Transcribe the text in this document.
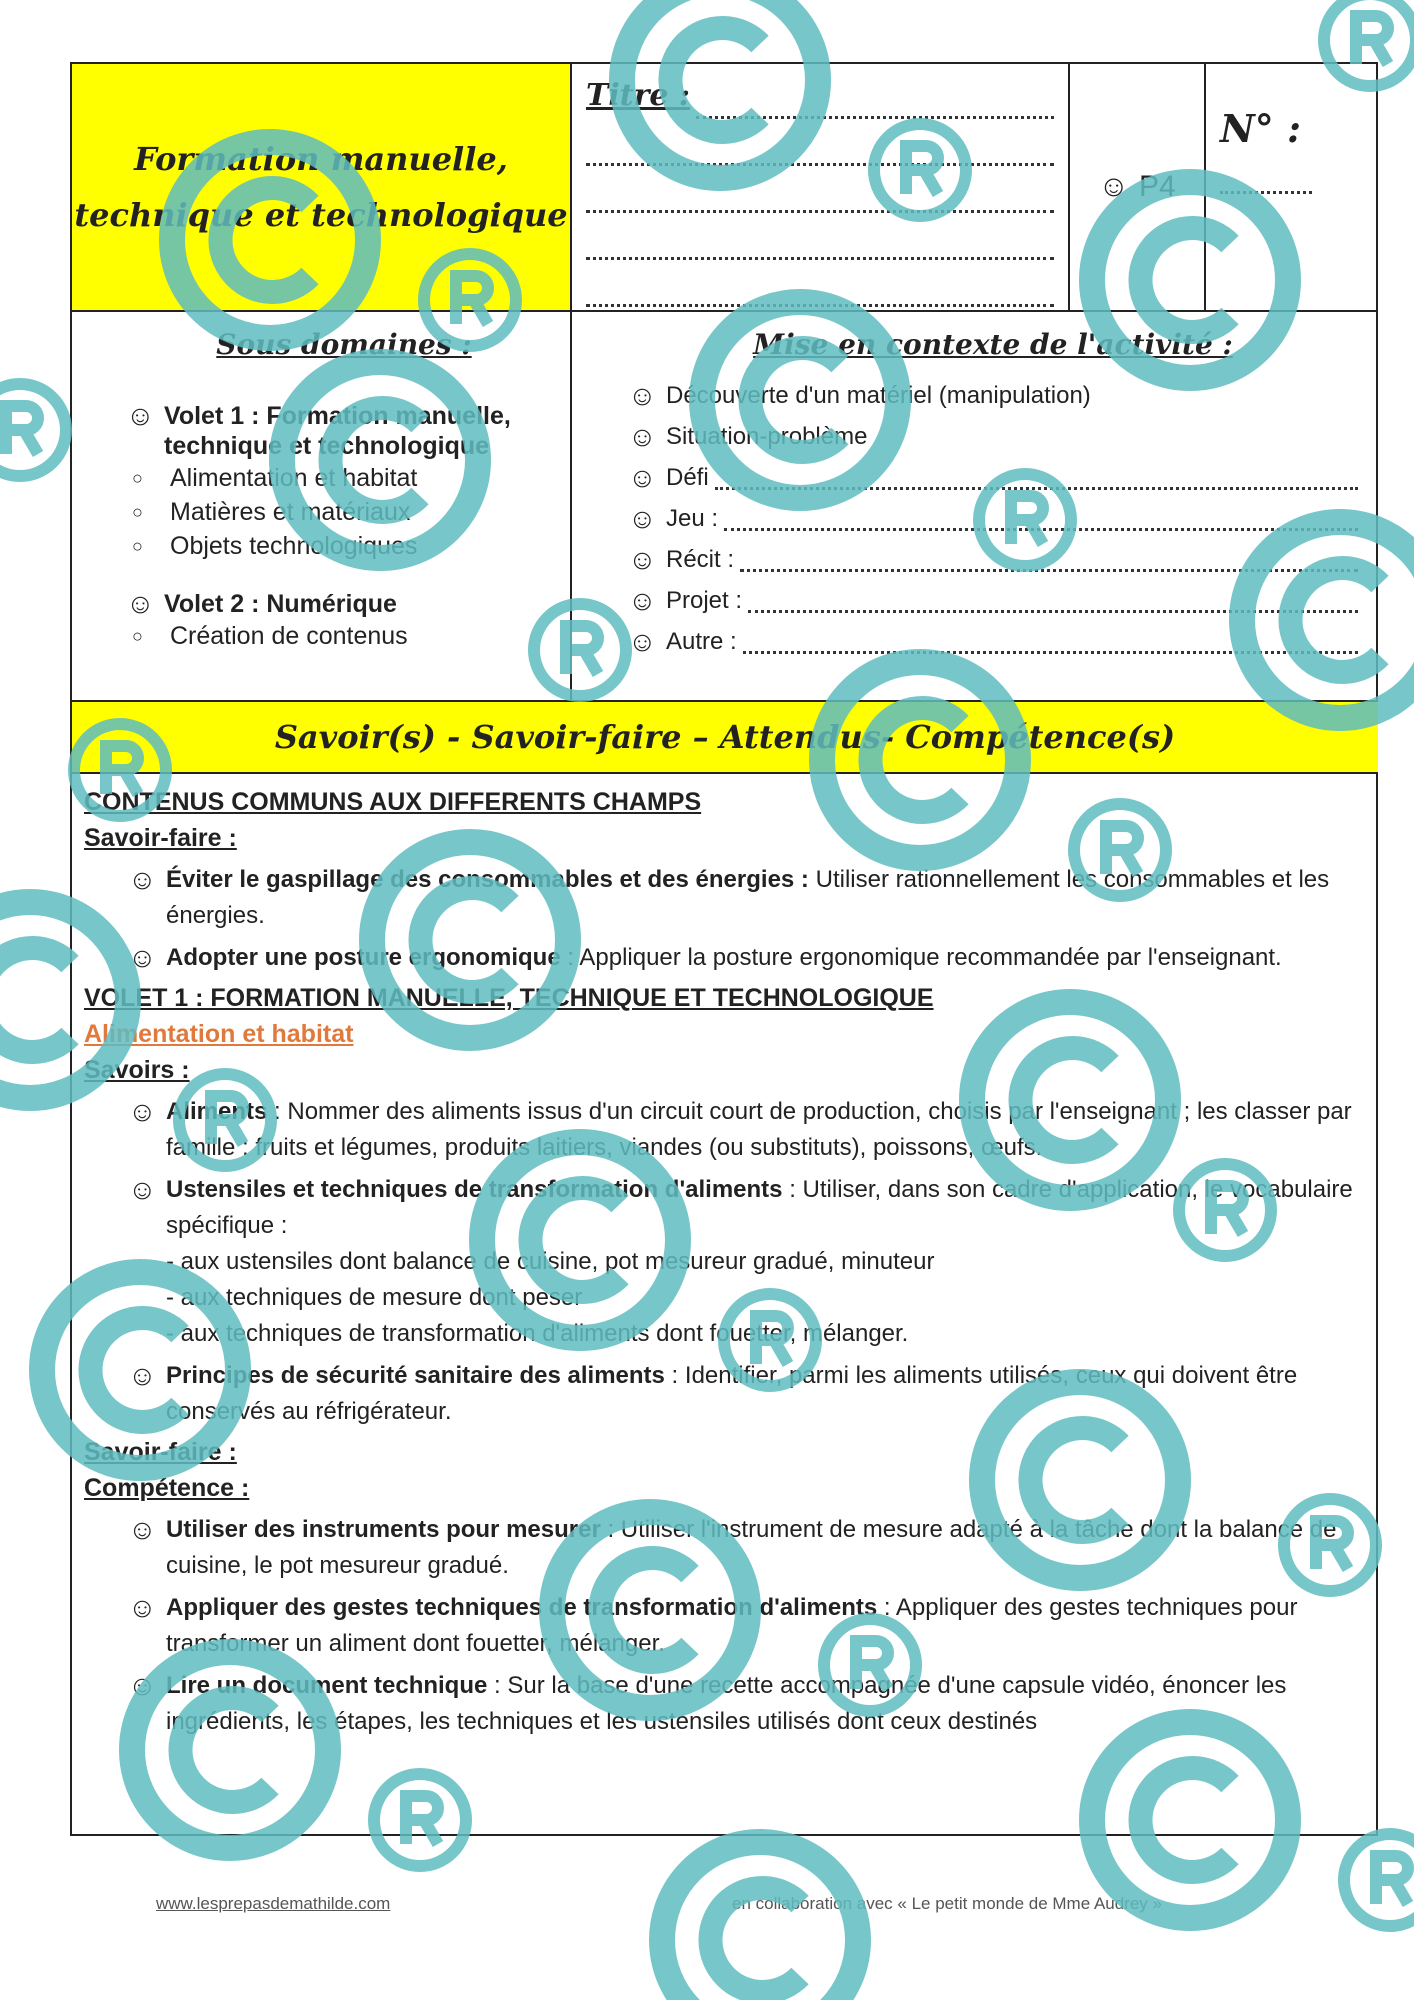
Formation manuelle,
technique et technologique
Titre :
☺ P4
N° :
Sous domaines :
☺ Volet 1 : Formation manuelle, technique et technologique
○	Alimentation et habitat
○	Matières et matériaux
○	Objets technologiques
☺ Volet 2 : Numérique
○	Création de contenus
Mise en contexte de l'activité :
☺ Découverte d'un matériel (manipulation)
☺ Situation-problème
☺ Défi
☺ Jeu :
☺ Récit :
☺ Projet :
☺ Autre :
Savoir(s) - Savoir-faire – Attendus- Compétence(s)
CONTENUS COMMUNS AUX DIFFERENTS CHAMPS
Savoir-faire :
☺ Éviter le gaspillage des consommables et des énergies : Utiliser rationnellement les consommables et les énergies.
☺ Adopter une posture ergonomique : Appliquer la posture ergonomique recommandée par l'enseignant.
VOLET 1 : FORMATION MANUELLE, TECHNIQUE ET TECHNOLOGIQUE
Alimentation et habitat
Savoirs :
☺ Aliments : Nommer des aliments issus d'un circuit court de production, choisis par l'enseignant ; les classer par famille : fruits et légumes, produits laitiers, viandes (ou substituts), poissons, œufs.
☺ Ustensiles et techniques de transformation d'aliments : Utiliser, dans son cadre d'application, le vocabulaire spécifique :
- aux ustensiles dont balance de cuisine, pot mesureur gradué, minuteur
- aux techniques de mesure dont peser
- aux techniques de transformation d'aliments dont fouetter, mélanger.
☺ Principes de sécurité sanitaire des aliments : Identifier, parmi les aliments utilisés, ceux qui doivent être conservés au réfrigérateur.
Savoir-faire :
Compétence :
☺ Utiliser des instruments pour mesurer : Utiliser l'instrument de mesure adapté à la tâche dont la balance de cuisine, le pot mesureur gradué.
☺ Appliquer des gestes techniques de transformation d'aliments : Appliquer des gestes techniques pour transformer un aliment dont fouetter, mélanger.
☺ Lire un document technique : Sur la base d'une recette accompagnée d'une capsule vidéo, énoncer les ingrédients, les étapes, les techniques et les ustensiles utilisés dont ceux destinés
www.lesprepasdemathilde.com	en collaboration avec « Le petit monde de Mme Audrey »
